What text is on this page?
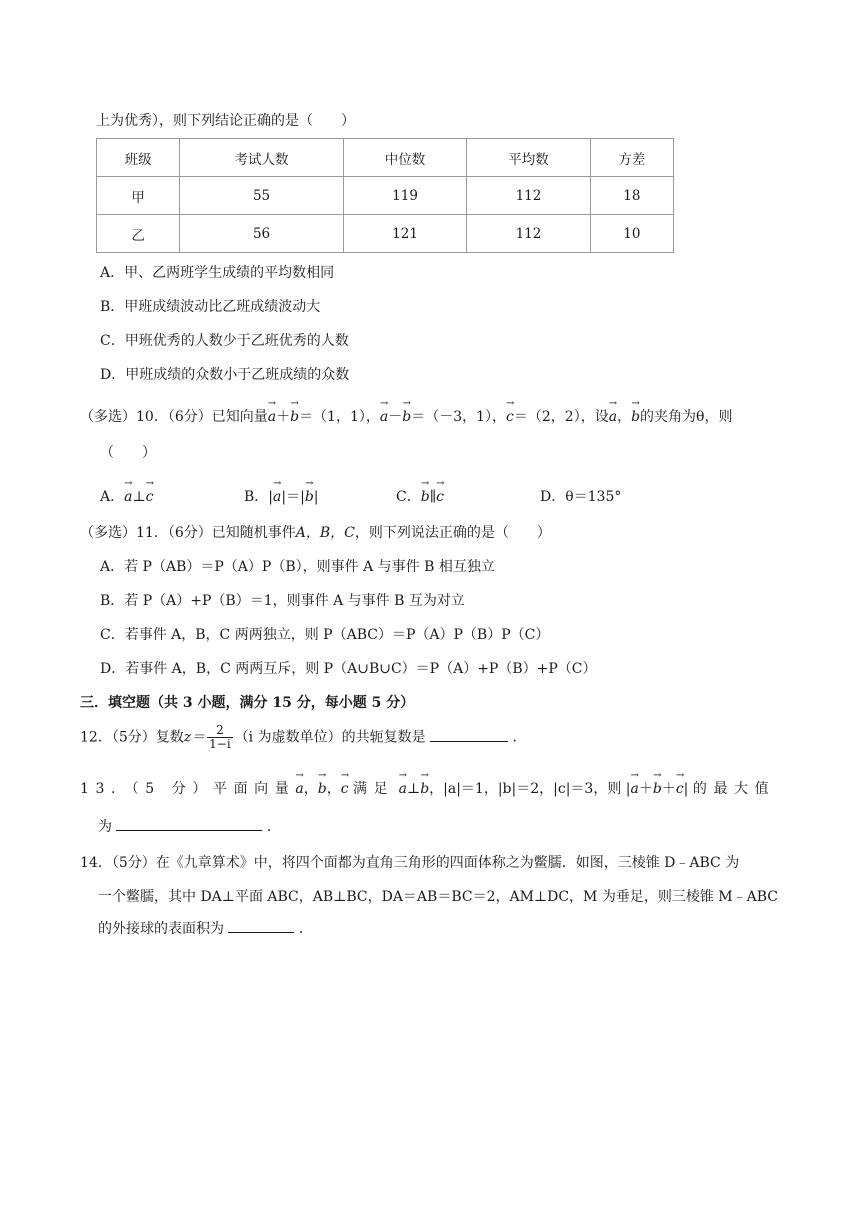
上为优秀），则下列结论正确的是（　　）
班级	考试人数	中位数	平均数	方差
甲	55	119	112	18
乙	56	121	112	10
A．甲、乙两班学生成绩的平均数相同
B．甲班成绩波动比乙班成绩波动大
C．甲班优秀的人数少于乙班优秀的人数
D．甲班成绩的众数小于乙班成绩的众数
（多选）10．（6分）已知向量→ a＋→ b＝（1，1），→ a－→ b＝（－3，1），→ c＝（2，2），设→ a，→ b的夹角为θ，则
（　　）
A．→ a⊥→ c	B．|→ a|＝|→ b|	C．→ b∥→ c	D．θ＝135°
（多选）11．（6分）已知随机事件A，B，C，则下列说法正确的是（　　）
A．若 P（AB）＝P（A）P（B），则事件 A 与事件 B 相互独立
B．若 P（A）+P（B）＝1，则事件 A 与事件 B 互为对立
C．若事件 A，B，C 两两独立，则 P（ABC）＝P（A）P（B）P（C）
D．若事件 A，B，C 两两互斥，则 P（A∪B∪C）＝P（A）+P（B）+P（C）
三．填空题（共 3 小题，满分 15 分，每小题 5 分）
12．（5分）复数$z= \frac{2}{1-i} (i$ 为虚数单位）的共轭复数是	．
13．（5 分）平面向量→ a，→ b，→ c 满足 → a⊥→ b，|a|＝1，|b|＝2，|c|＝3，则 |→ a＋→ b＋→ c| 的最大值
为	．
14．（5分）在《九章算术》中，将四个面都为直角三角形的四面体称之为鳖臑．如图，三棱锥 D﹣ABC 为
一个鳖臑，其中 DA⊥平面 ABC，AB⊥BC，DA＝AB＝BC＝2，AM⊥DC，M 为垂足，则三棱锥 M﹣ABC
的外接球的表面积为	．
